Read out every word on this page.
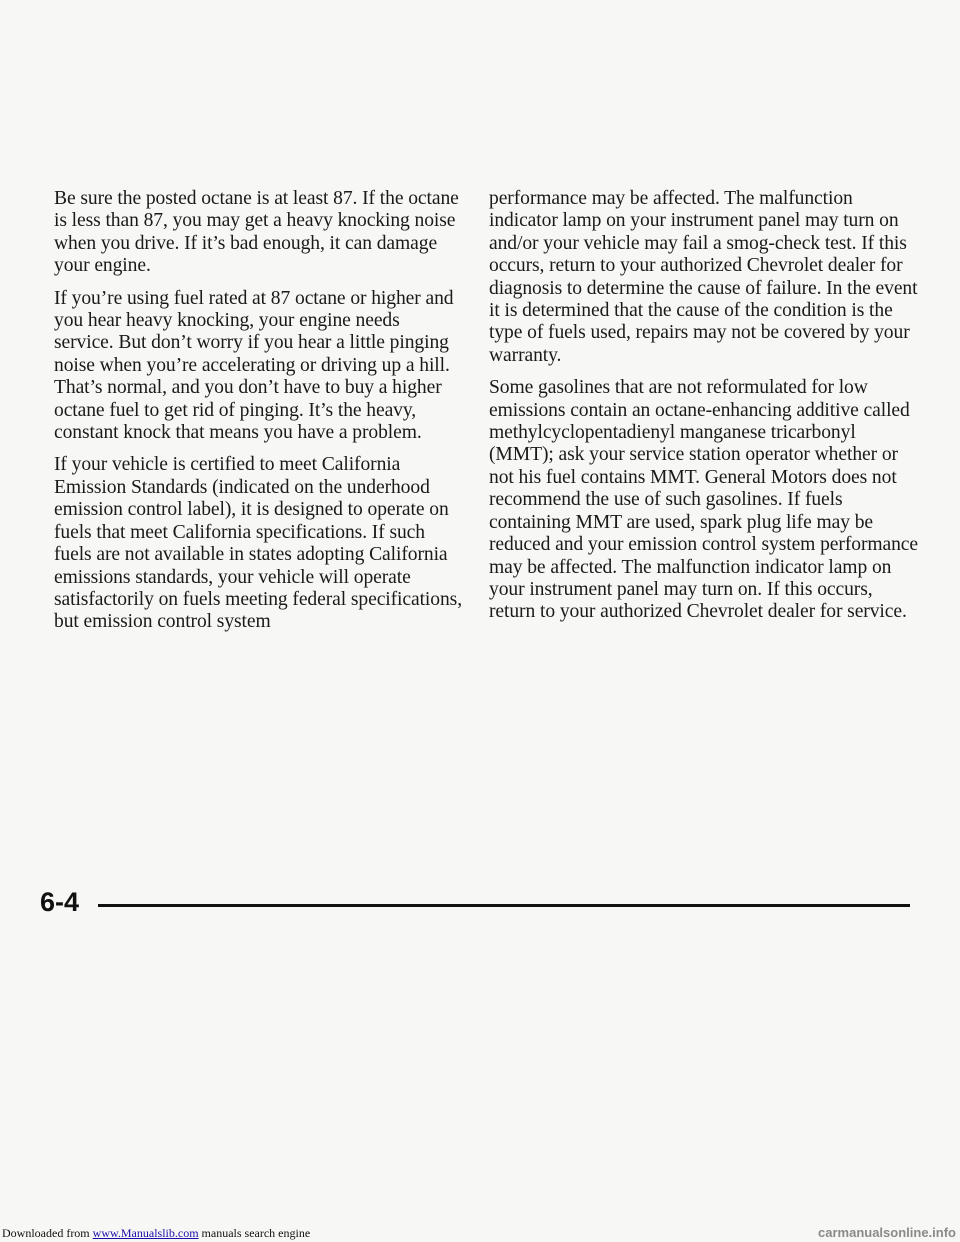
Be sure the posted octane is at least 87. If the octane is less than 87, you may get a heavy knocking noise when you drive. If it’s bad enough, it can damage your engine.

If you’re using fuel rated at 87 octane or higher and you hear heavy knocking, your engine needs service. But don’t worry if you hear a little pinging noise when you’re accelerating or driving up a hill. That’s normal, and you don’t have to buy a higher octane fuel to get rid of pinging. It’s the heavy, constant knock that means you have a problem.

If your vehicle is certified to meet California Emission Standards (indicated on the underhood emission control label), it is designed to operate on fuels that meet California specifications. If such fuels are not available in states adopting California emissions standards, your vehicle will operate satisfactorily on fuels meeting federal specifications, but emission control system

performance may be affected. The malfunction indicator lamp on your instrument panel may turn on and/or your vehicle may fail a smog-check test. If this occurs, return to your authorized Chevrolet dealer for diagnosis to determine the cause of failure. In the event it is determined that the cause of the condition is the type of fuels used, repairs may not be covered by your warranty.

Some gasolines that are not reformulated for low emissions contain an octane-enhancing additive called methylcyclopentadienyl manganese tricarbonyl (MMT); ask your service station operator whether or not his fuel contains MMT. General Motors does not recommend the use of such gasolines. If fuels containing MMT are used, spark plug life may be reduced and your emission control system performance may be affected. The malfunction indicator lamp on your instrument panel may turn on. If this occurs, return to your authorized Chevrolet dealer for service.

6-4
Downloaded from www.Manualslib.com manuals search engine	carmanualsonline.info
